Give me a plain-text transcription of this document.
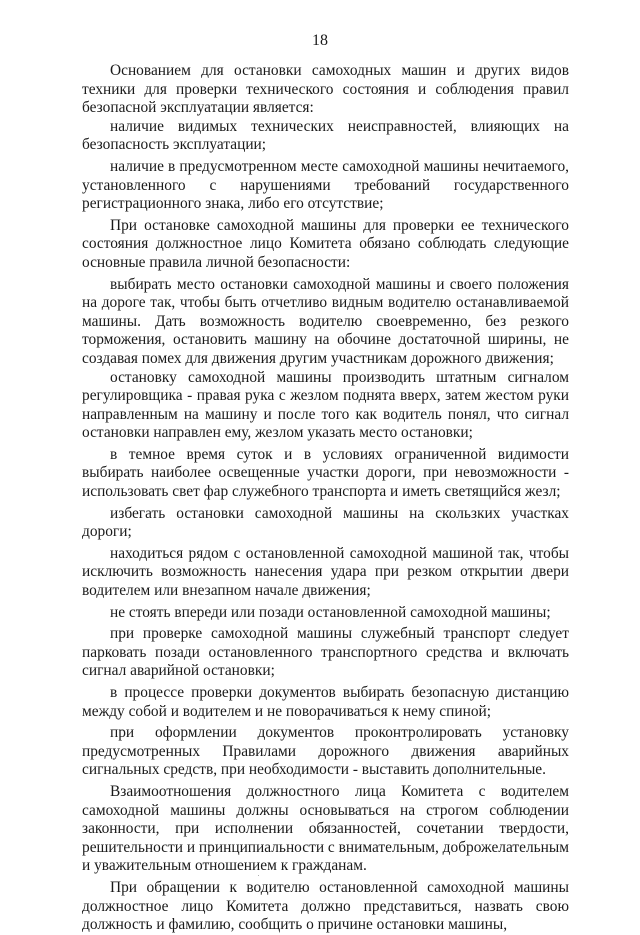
18

Основанием для остановки самоходных машин и других видов техники для проверки технического состояния и соблюдения правил безопасной эксплуатации является:

наличие видимых технических неисправностей, влияющих на безопасность эксплуатации;

наличие в предусмотренном месте самоходной машины нечитаемого, установленного с нарушениями требований государственного регистрационного знака, либо его отсутствие;

При остановке самоходной машины для проверки ее технического состояния должностное лицо Комитета обязано соблюдать следующие основные правила личной безопасности:

выбирать место остановки самоходной машины и своего положения на дороге так, чтобы быть отчетливо видным водителю останавливаемой машины. Дать возможность водителю своевременно, без резкого торможения, остановить машину на обочине достаточной ширины, не создавая помех для движения другим участникам дорожного движения;

остановку самоходной машины производить штатным сигналом регулировщика - правая рука с жезлом поднята вверх, затем жестом руки направленным на машину и после того как водитель понял, что сигнал остановки направлен ему, жезлом указать место остановки;

в темное время суток и в условиях ограниченной видимости выбирать наиболее освещенные участки дороги, при невозможности - использовать свет фар служебного транспорта и иметь светящийся жезл;

избегать остановки самоходной машины на скользких участках дороги;

находиться рядом с остановленной самоходной машиной так, чтобы исключить возможность нанесения удара при резком открытии двери водителем или внезапном начале движения;

не стоять впереди или позади остановленной самоходной машины;

при проверке самоходной машины служебный транспорт следует парковать позади остановленного транспортного средства и включать сигнал аварийной остановки;

в процессе проверки документов выбирать безопасную дистанцию между собой и водителем и не поворачиваться к нему спиной;

при оформлении документов проконтролировать установку предусмотренных Правилами дорожного движения аварийных сигнальных средств, при необходимости - выставить дополнительные.

Взаимоотношения должностного лица Комитета с водителем самоходной машины должны основываться на строгом соблюдении законности, при исполнении обязанностей, сочетании твердости, решительности и принципиальности с внимательным, доброжелательным и уважительным отношением к гражданам.

При обращении к водителю остановленной самоходной машины должностное лицо Комитета должно представиться, назвать свою должность и фамилию, сообщить о причине остановки машины,
